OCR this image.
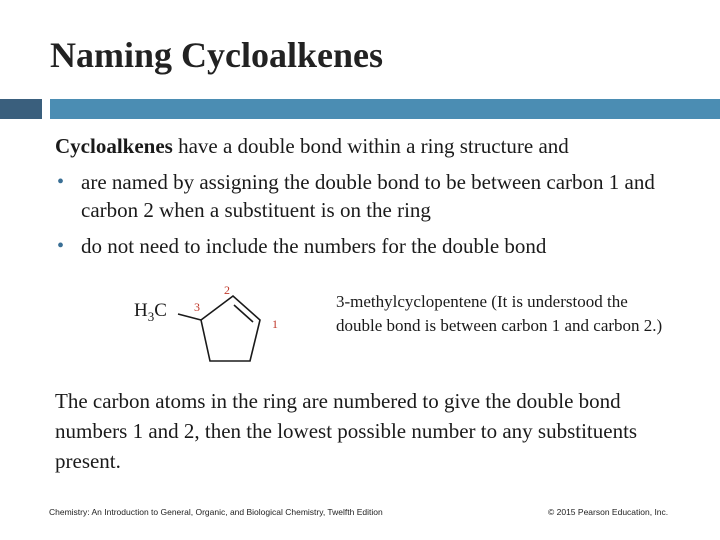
Naming Cycloalkenes
Cycloalkenes have a double bond within a ring structure and
• are named by assigning the double bond to be between carbon 1 and carbon 2 when a substituent is on the ring
• do not need to include the numbers for the double bond
$H_3C$
2
3
1
3-methylcyclopentene (It is understood the double bond is between carbon 1 and carbon 2.)
The carbon atoms in the ring are numbered to give the double bond numbers 1 and 2, then the lowest possible number to any substituents present.
Chemistry: An Introduction to General, Organic, and Biological Chemistry, Twelfth Edition	© 2015 Pearson Education, Inc.
